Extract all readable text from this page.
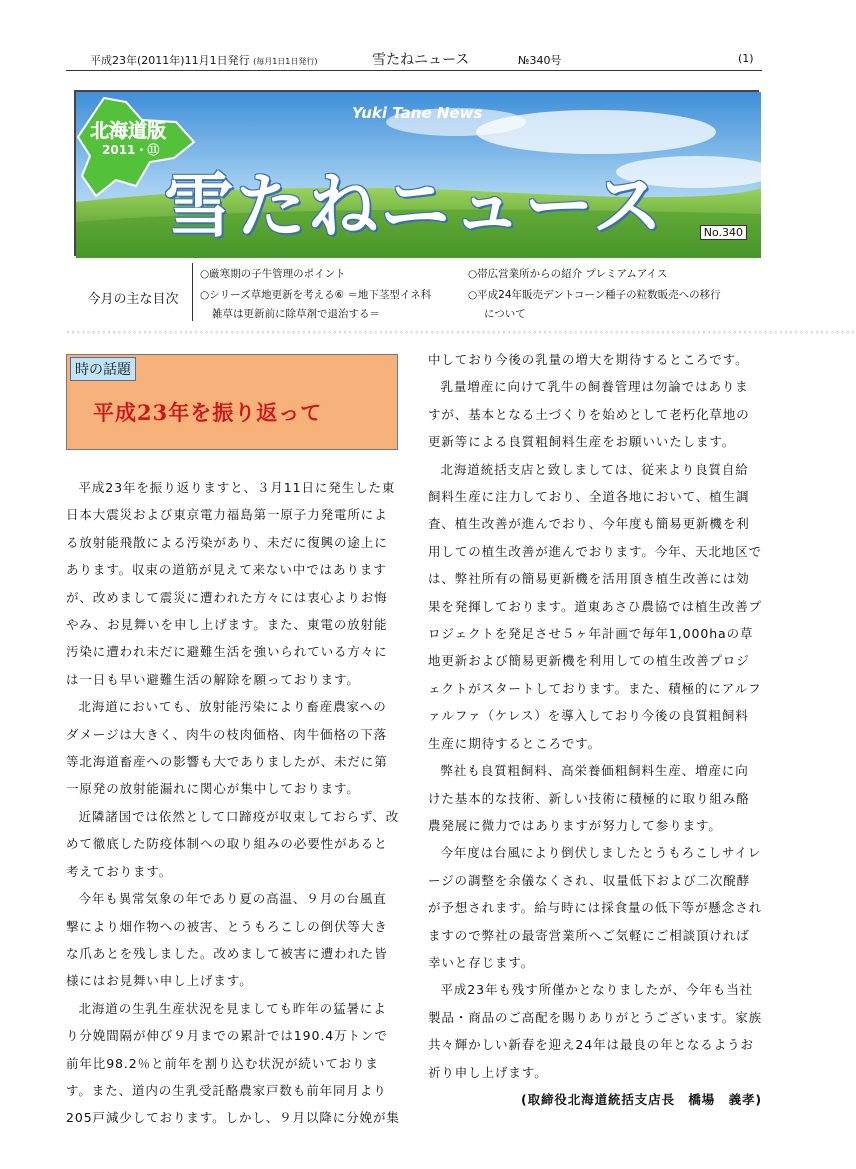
平成23年(2011年)11月1日発行 (毎月1日1日発行)	雪たねニュース	№340号	(1)
北海道版
2011・⑪
Yuki Tane News
雪たねニュース	No.340
今月の主な目次
○厳寒期の子牛管理のポイント
○シリーズ草地更新を考える⑥ ＝地下茎型イネ科
雑草は更新前に除草剤で退治する＝
○帯広営業所からの紹介 プレミアムアイス
○平成24年販売デントコーン種子の粒数販売への移行
について
◦◦◦◦◦◦◦◦◦◦◦◦◦◦◦◦◦◦◦◦◦◦◦◦◦◦◦◦◦◦◦◦◦◦◦◦◦◦◦◦◦◦◦◦◦◦◦◦◦◦◦◦◦◦◦◦◦◦◦◦◦◦◦◦◦◦◦◦◦◦◦◦◦◦◦◦◦◦◦◦◦◦◦◦◦◦◦◦◦◦◦◦◦◦◦◦◦◦◦◦◦◦◦◦◦◦◦◦◦◦◦◦◦◦◦◦◦◦◦◦◦◦◦◦◦◦◦◦◦◦◦◦◦◦◦◦◦◦◦◦◦◦◦◦◦◦◦◦◦◦◦◦◦◦
時の話題
平成23年を振り返って

平成23年を振り返りますと、３月11日に発生した東日本大震災および東京電力福島第一原子力発電所による放射能飛散による汚染があり、未だに復興の途上にあります。収束の道筋が見えて来ない中ではありますが、改めまして震災に遭われた方々には衷心よりお悔やみ、お見舞いを申し上げます。また、東電の放射能汚染に遭われ未だに避難生活を強いられている方々には一日も早い避難生活の解除を願っております。

北海道においても、放射能汚染により畜産農家へのダメージは大きく、肉牛の枝肉価格、肉牛価格の下落等北海道畜産への影響も大でありましたが、未だに第一原発の放射能漏れに関心が集中しております。

近隣諸国では依然として口蹄疫が収束しておらず、改めて徹底した防疫体制への取り組みの必要性があると考えております。

今年も異常気象の年であり夏の高温、９月の台風直撃により畑作物への被害、とうもろこしの倒伏等大きな爪あとを残しました。改めまして被害に遭われた皆様にはお見舞い申し上げます。

北海道の生乳生産状況を見ましても昨年の猛暑により分娩間隔が伸び９月までの累計では190.4万トンで前年比98.2％と前年を割り込む状況が続いております。また、道内の生乳受託酪農家戸数も前年同月より205戸減少しております。しかし、９月以降に分娩が集

中しており今後の乳量の増大を期待するところです。

乳量増産に向けて乳牛の飼養管理は勿論ではありますが、基本となる土づくりを始めとして老朽化草地の更新等による良質粗飼料生産をお願いいたします。

北海道統括支店と致しましては、従来より良質自給飼料生産に注力しており、全道各地において、植生調査、植生改善が進んでおり、今年度も簡易更新機を利用しての植生改善が進んでおります。今年、天北地区では、弊社所有の簡易更新機を活用頂き植生改善には効果を発揮しております。道東あさひ農協では植生改善プロジェクトを発足させ５ヶ年計画で毎年1,000haの草地更新および簡易更新機を利用しての植生改善プロジェクトがスタートしております。また、積極的にアルファルファ（ケレス）を導入しており今後の良質粗飼料生産に期待するところです。

弊社も良質粗飼料、高栄養価粗飼料生産、増産に向けた基本的な技術、新しい技術に積極的に取り組み酪農発展に微力ではありますが努力して参ります。

今年度は台風により倒伏しましたとうもろこしサイレージの調整を余儀なくされ、収量低下および二次醗酵が予想されます。給与時には採食量の低下等が懸念されますので弊社の最寄営業所へご気軽にご相談頂ければ幸いと存じます。

平成23年も残す所僅かとなりましたが、今年も当社製品・商品のご高配を賜りありがとうございます。家族共々輝かしい新春を迎え24年は最良の年となるようお祈り申し上げます。

(取締役北海道統括支店長　橋場　義孝)
